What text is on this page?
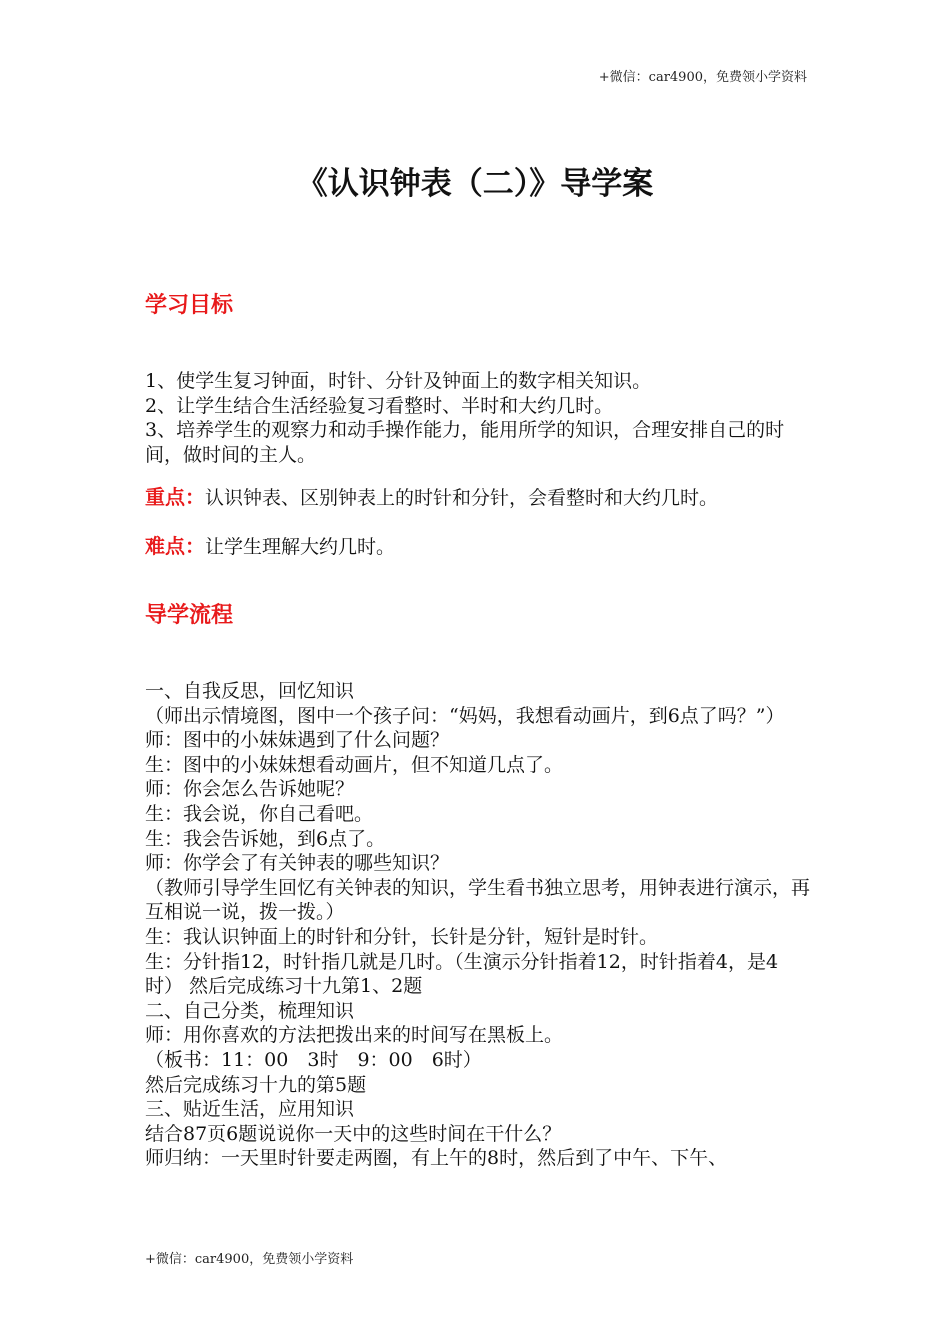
+微信：car4900，免费领小学资料
《认识钟表（二）》导学案
学习目标

1、使学生复习钟面，时针、分针及钟面上的数字相关知识。

2、让学生结合生活经验复习看整时、半时和大约几时。

3、培养学生的观察力和动手操作能力，能用所学的知识，合理安排自己的时间，做时间的主人。

重点：认识钟表、区别钟表上的时针和分针，会看整时和大约几时。
难点：让学生理解大约几时。
导学流程

一、自我反思，回忆知识

（师出示情境图，图中一个孩子问：“妈妈，我想看动画片，到6点了吗？”）

师：图中的小妹妹遇到了什么问题？

生：图中的小妹妹想看动画片，但不知道几点了。

师：你会怎么告诉她呢？

生：我会说，你自己看吧。

生：我会告诉她，到6点了。

师：你学会了有关钟表的哪些知识？

（教师引导学生回忆有关钟表的知识，学生看书独立思考，用钟表进行演示，再互相说一说，拨一拨。）

生：我认识钟面上的时针和分针，长针是分针，短针是时针。

生：分针指12，时针指几就是几时。（生演示分针指着12，时针指着4，是4时） 然后完成练习十九第1、2题

二、自己分类，梳理知识

师：用你喜欢的方法把拨出来的时间写在黑板上。

（板书：11：00　3时　9：00　6时）

然后完成练习十九的第5题

三、贴近生活，应用知识

结合87页6题说说你一天中的这些时间在干什么？

师归纳：一天里时针要走两圈，有上午的8时，然后到了中午、下午、

+微信：car4900，免费领小学资料
